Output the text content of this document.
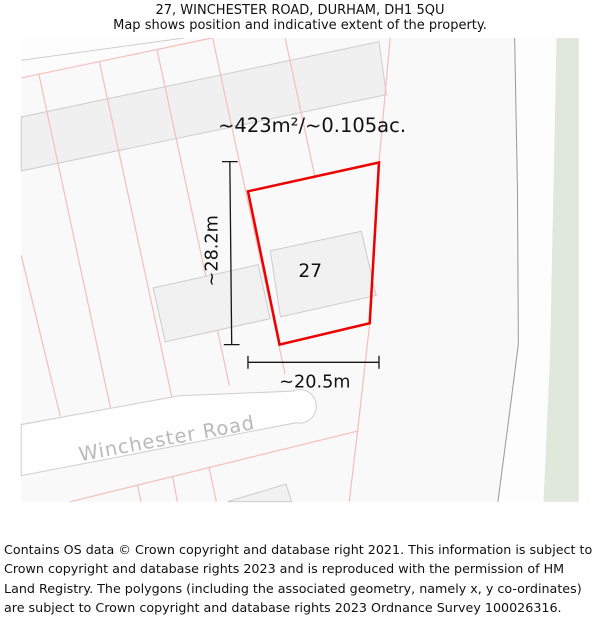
27, WINCHESTER ROAD, DURHAM, DH1 5QU
Map shows position and indicative extent of the property.
~423m²/~0.105ac.
~28.2m
~20.5m
27
Winchester Road
Contains OS data © Crown copyright and database right 2021. This information is subject to Crown copyright and database rights 2023 and is reproduced with the permission of HM Land Registry. The polygons (including the associated geometry, namely x, y co-ordinates) are subject to Crown copyright and database rights 2023 Ordnance Survey 100026316.
